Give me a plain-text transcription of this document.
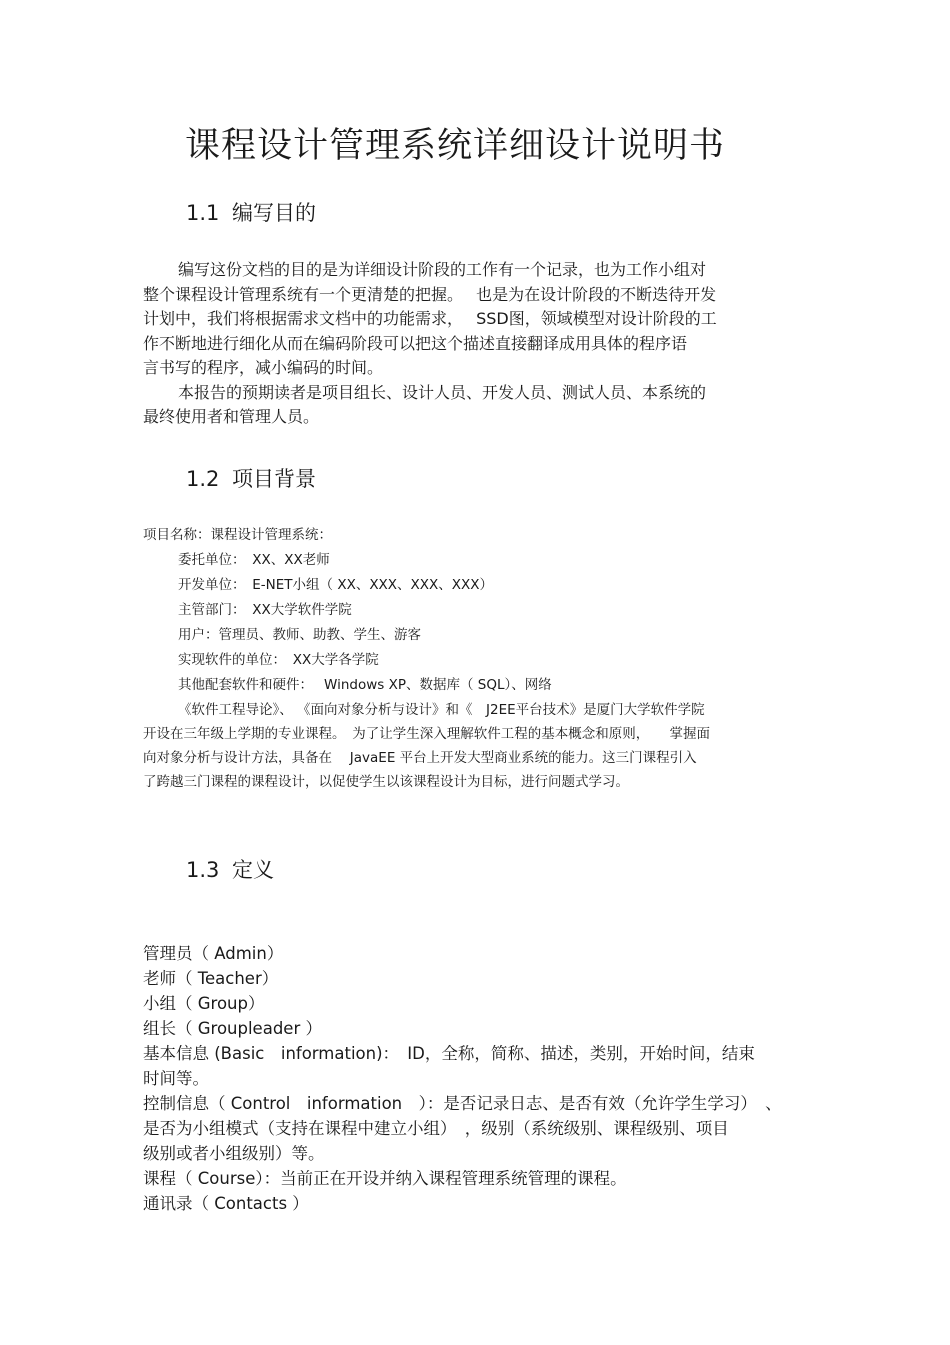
课程设计管理系统详细设计说明书
1.1 编写目的
编写这份文档的目的是为详细设计阶段的工作有一个记录，也为工作小组对
整个课程设计管理系统有一个更清楚的把握。　 也是为在设计阶段的不断迭待开发
计划中，我们将根据需求文档中的功能需求，　 SSD图，领域模型对设计阶段的工
作不断地进行细化从而在编码阶段可以把这个描述直接翻译成用具体的程序语
言书写的程序，减小编码的时间。
本报告的预期读者是项目组长、设计人员、开发人员、测试人员、本系统的
最终使用者和管理人员。
1.2 项目背景
项目名称：课程设计管理系统：
委托单位：　XX、XX老师
开发单位：　E-NET小组（ XX、XXX、XXX、XXX）
主管部门：　XX大学软件学院
用户：管理员、教师、助教、学生、游客
实现软件的单位：　XX大学各学院
其他配套软件和硬件：　 Windows XP、数据库（ SQL）、网络
《软件工程导论》、 《面向对象分析与设计》和《　J2EE平台技术》是厦门大学软件学院
开设在三年级上学期的专业课程。　为了让学生深入理解软件工程的基本概念和原则，　　掌握面
向对象分析与设计方法，具备在　 JavaEE 平台上开发大型商业系统的能力。这三门课程引入
了跨越三门课程的课程设计，以促使学生以该课程设计为目标，进行问题式学习。
1.3 定义
管理员（ Admin）
老师（ Teacher）
小组（ Group）
组长（ Groupleader ）
基本信息 (Basic　information)：　ID，全称，简称、描述，类别，开始时间，结束
时间等。
控制信息（ Control　information　）：是否记录日志、是否有效（允许学生学习）　、
是否为小组模式（支持在课程中建立小组）　，级别（系统级别、课程级别、项目
级别或者小组级别）等。
课程（ Course）：当前正在开设并纳入课程管理系统管理的课程。
通讯录（ Contacts ）
